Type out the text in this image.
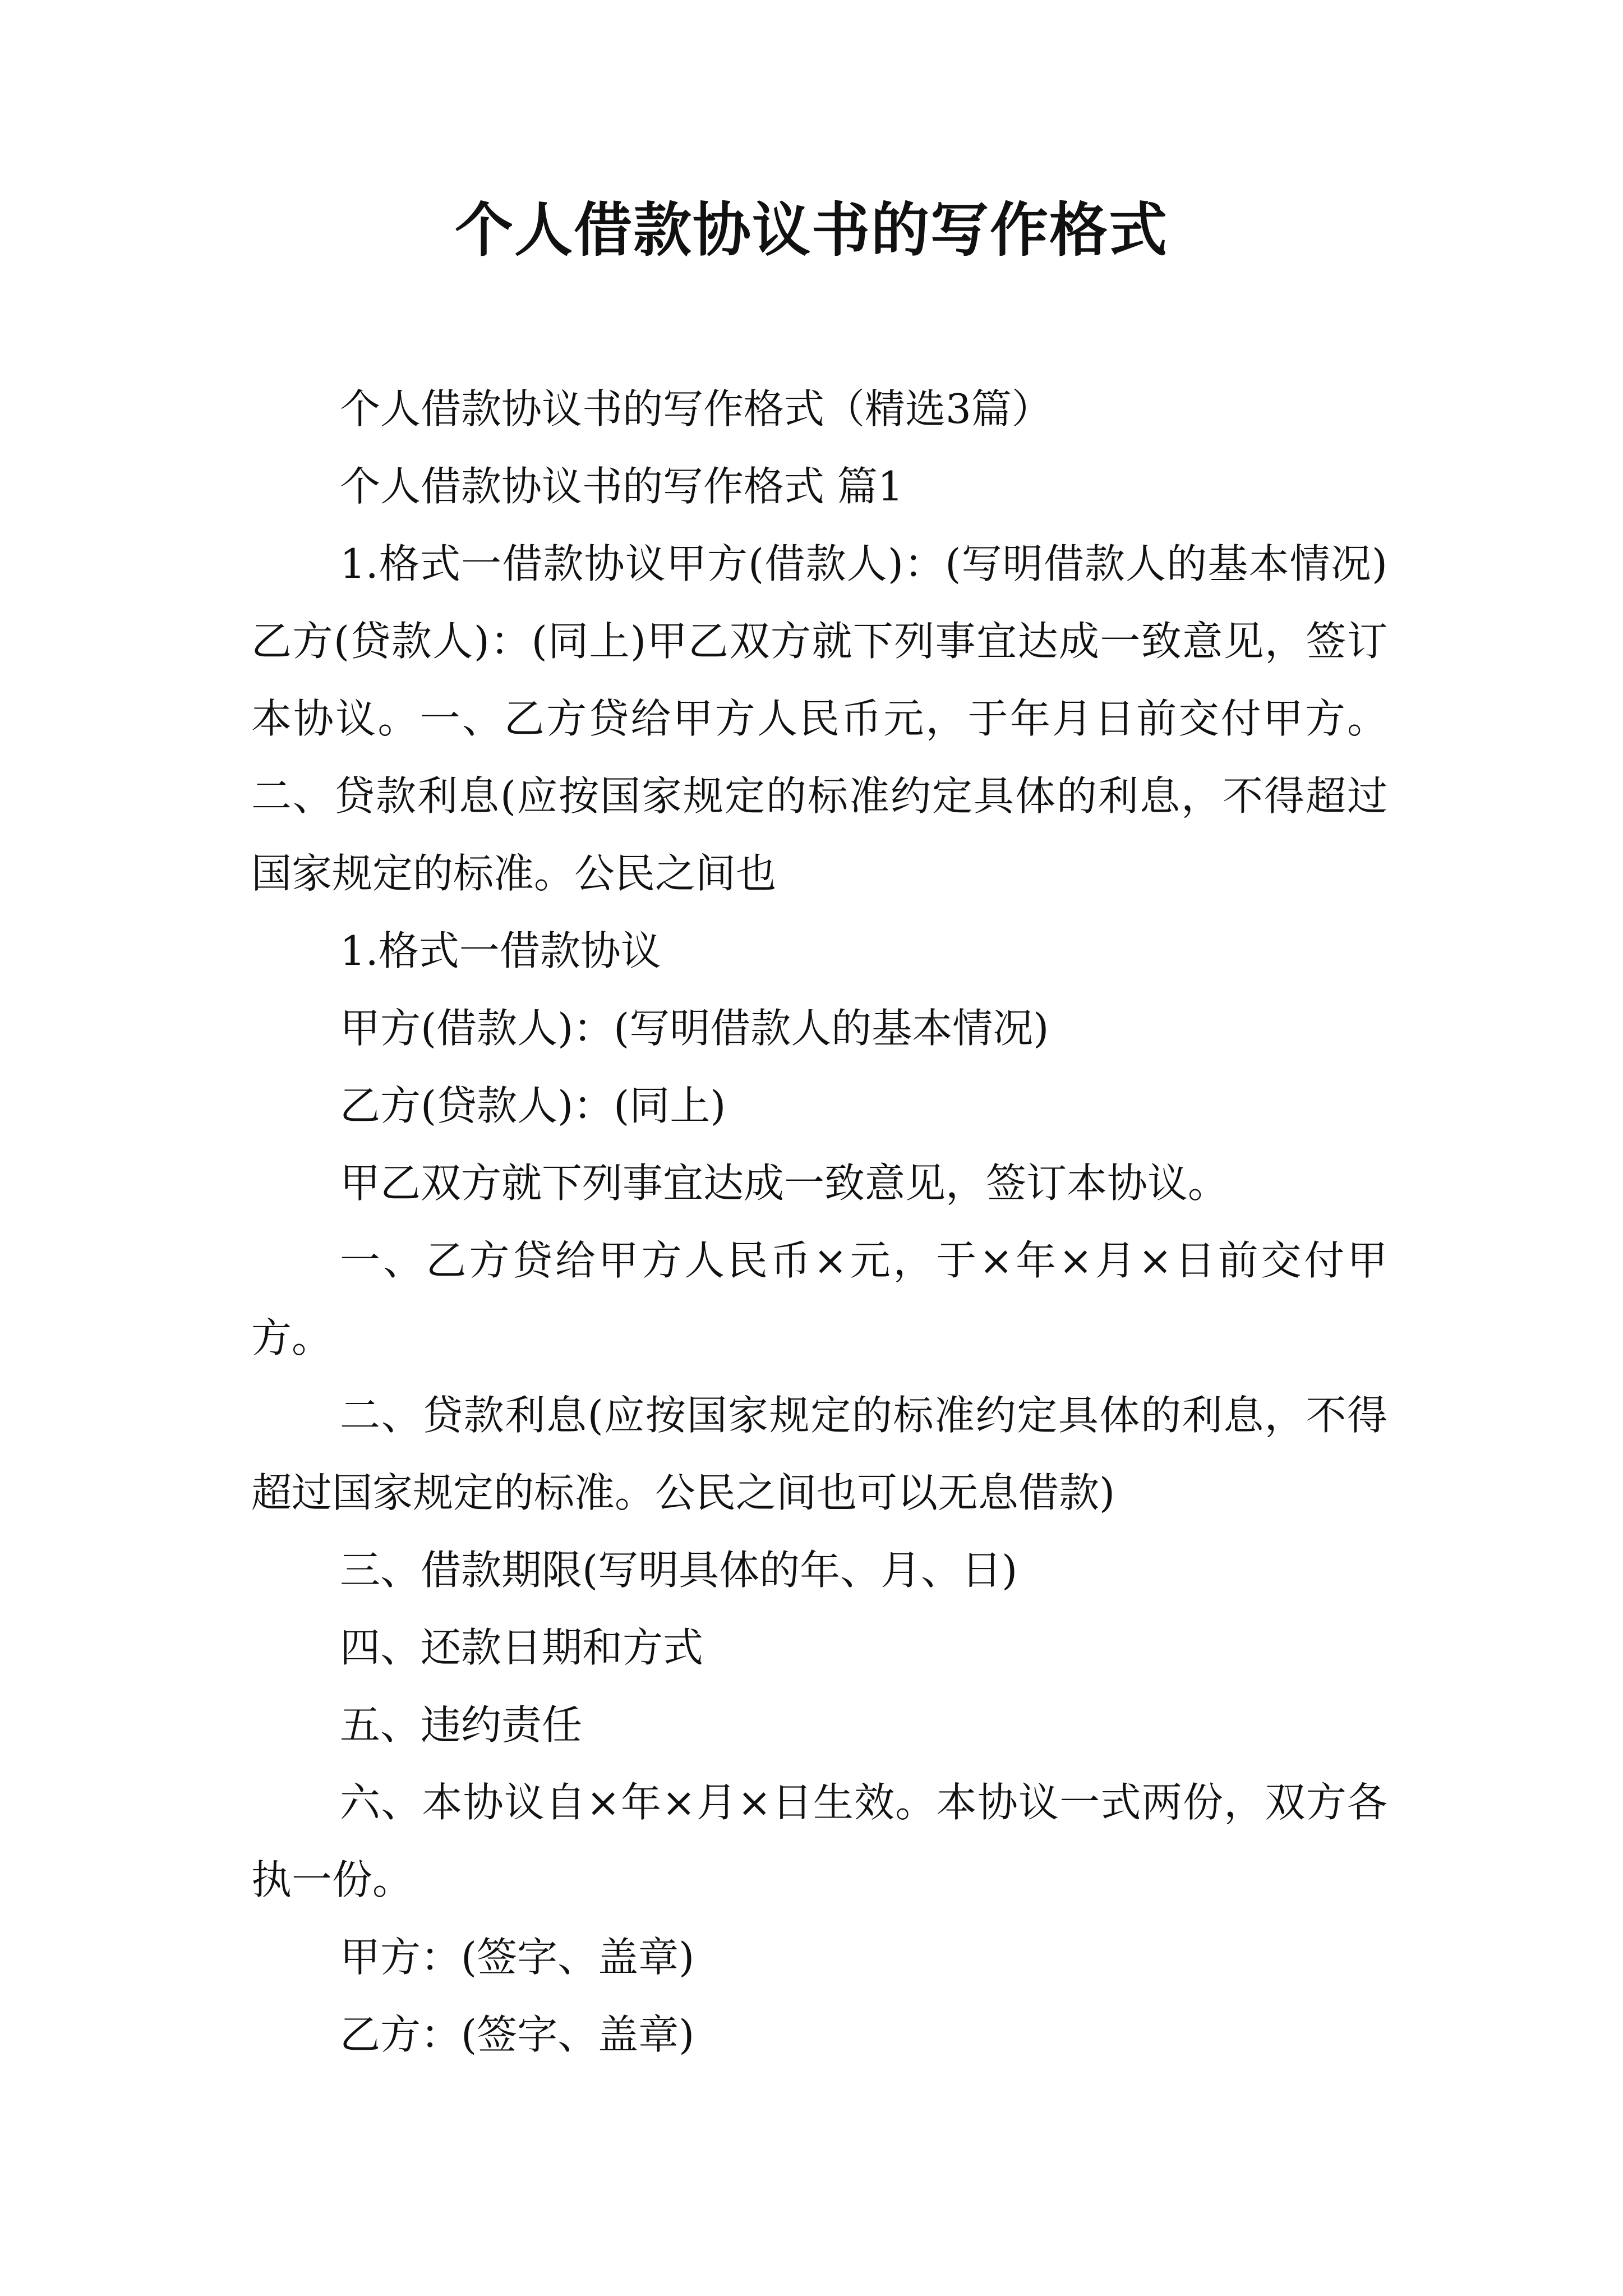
个人借款协议书的写作格式

个人借款协议书的写作格式（精选3篇）

个人借款协议书的写作格式 篇1

1.格式一借款协议甲方(借款人)：(写明借款人的基本情况)乙方(贷款人)：(同上)甲乙双方就下列事宜达成一致意见，签订本协议。一、乙方贷给甲方人民币元，于年月日前交付甲方。二、贷款利息(应按国家规定的标准约定具体的利息，不得超过国家规定的标准。公民之间也

1.格式一借款协议

甲方(借款人)：(写明借款人的基本情况)

乙方(贷款人)：(同上)

甲乙双方就下列事宜达成一致意见，签订本协议。

一、乙方贷给甲方人民币×元，于×年×月×日前交付甲方。

二、贷款利息(应按国家规定的标准约定具体的利息，不得超过国家规定的标准。公民之间也可以无息借款)

三、借款期限(写明具体的年、月、日)

四、还款日期和方式

五、违约责任

六、本协议自×年×月×日生效。本协议一式两份，双方各执一份。

甲方：(签字、盖章)

乙方：(签字、盖章)
